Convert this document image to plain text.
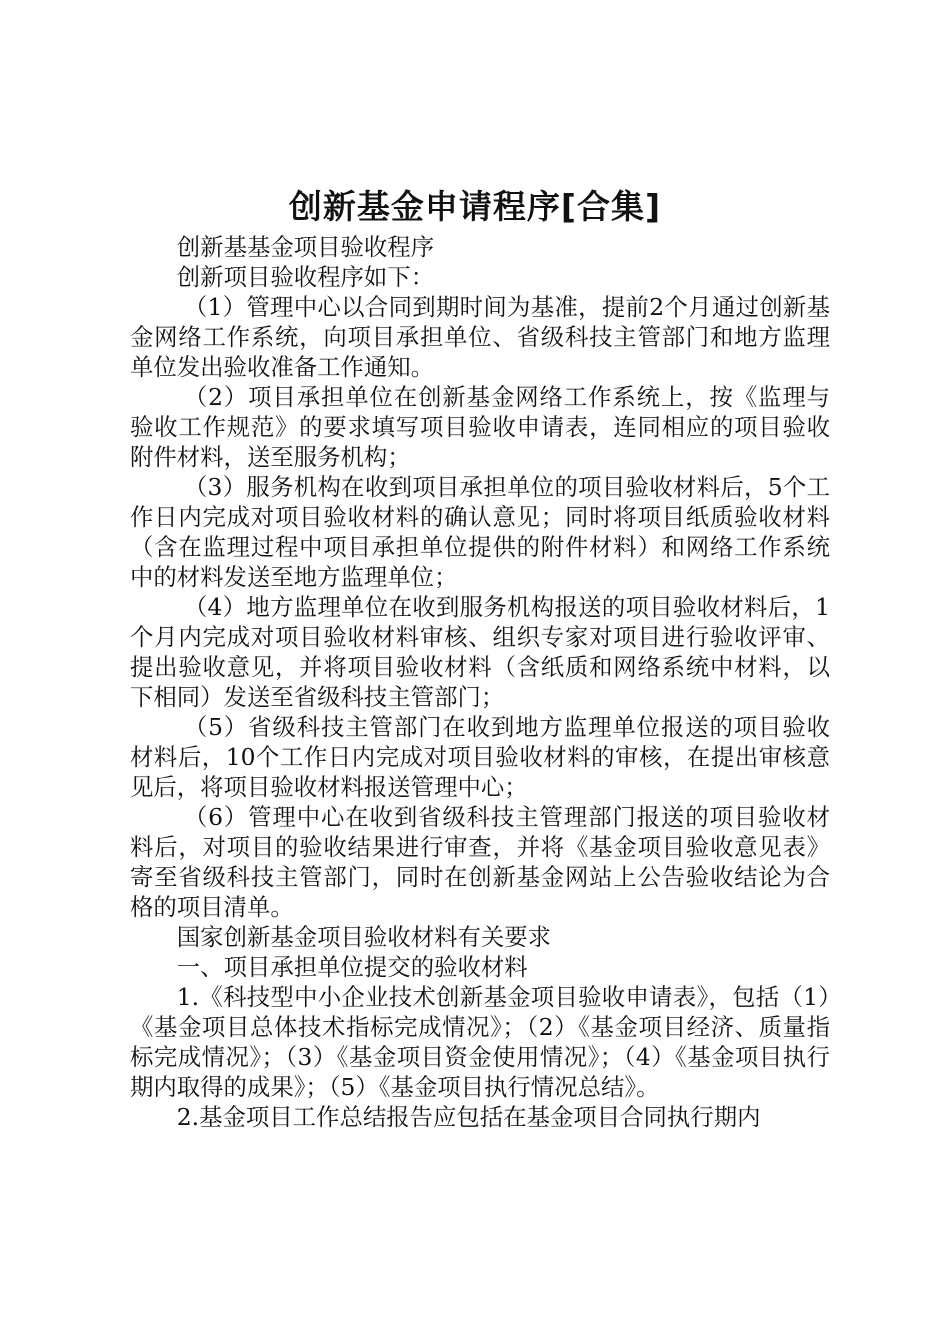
创新基金申请程序[合集]

创新基基金项目验收程序

创新项目验收程序如下：

（1）管理中心以合同到期时间为基准，提前2个月通过创新基金网络工作系统，向项目承担单位、省级科技主管部门和地方监理单位发出验收准备工作通知。

（2）项目承担单位在创新基金网络工作系统上，按《监理与验收工作规范》的要求填写项目验收申请表，连同相应的项目验收附件材料，送至服务机构；

（3）服务机构在收到项目承担单位的项目验收材料后，5个工作日内完成对项目验收材料的确认意见；同时将项目纸质验收材料（含在监理过程中项目承担单位提供的附件材料）和网络工作系统中的材料发送至地方监理单位；

（4）地方监理单位在收到服务机构报送的项目验收材料后，1个月内完成对项目验收材料审核、组织专家对项目进行验收评审、提出验收意见，并将项目验收材料（含纸质和网络系统中材料，以下相同）发送至省级科技主管部门；

（5）省级科技主管部门在收到地方监理单位报送的项目验收材料后，10个工作日内完成对项目验收材料的审核，在提出审核意见后，将项目验收材料报送管理中心；

（6）管理中心在收到省级科技主管理部门报送的项目验收材料后，对项目的验收结果进行审查，并将《基金项目验收意见表》寄至省级科技主管部门，同时在创新基金网站上公告验收结论为合格的项目清单。

国家创新基金项目验收材料有关要求

一、项目承担单位提交的验收材料

1.《科技型中小企业技术创新基金项目验收申请表》，包括（1）《基金项目总体技术指标完成情况》；（2）《基金项目经济、质量指标完成情况》；（3）《基金项目资金使用情况》；（4）《基金项目执行期内取得的成果》；（5）《基金项目执行情况总结》。

2.基金项目工作总结报告应包括在基金项目合同执行期内
